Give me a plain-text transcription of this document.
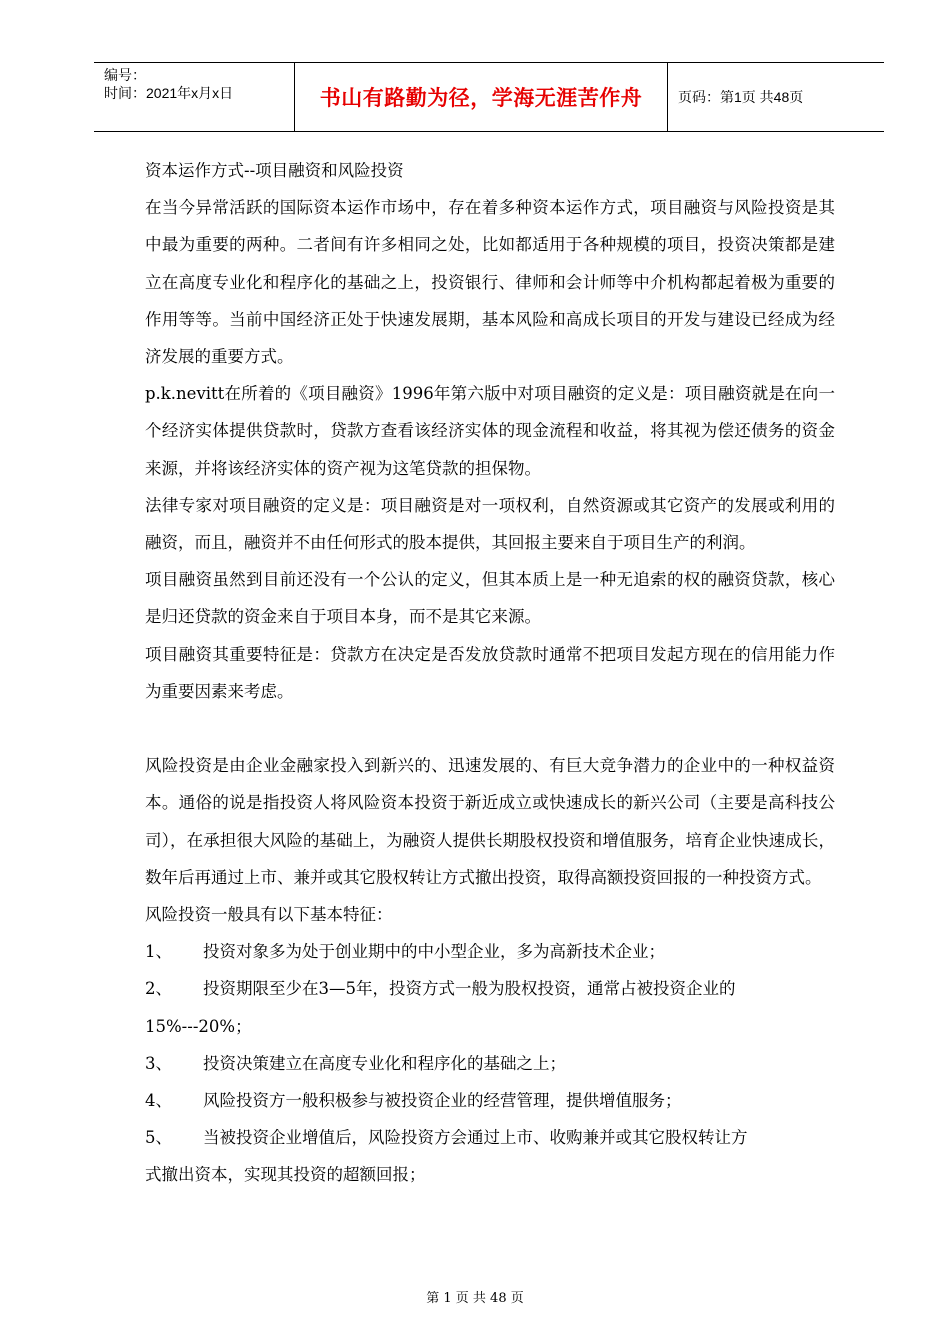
编号：
时间：2021年x月x日	书山有路勤为径，学海无涯苦作舟	页码：第1页 共48页

资本运作方式--项目融资和风险投资

在当今异常活跃的国际资本运作市场中，存在着多种资本运作方式，项目融资与风险投资是其中最为重要的两种。二者间有许多相同之处，比如都适用于各种规模的项目，投资决策都是建立在高度专业化和程序化的基础之上，投资银行、律师和会计师等中介机构都起着极为重要的作用等等。当前中国经济正处于快速发展期，基本风险和高成长项目的开发与建设已经成为经济发展的重要方式。

p.k.nevitt在所着的《项目融资》1996年第六版中对项目融资的定义是：项目融资就是在向一个经济实体提供贷款时，贷款方查看该经济实体的现金流程和收益，将其视为偿还债务的资金来源，并将该经济实体的资产视为这笔贷款的担保物。

法律专家对项目融资的定义是：项目融资是对一项权利，自然资源或其它资产的发展或利用的融资，而且，融资并不由任何形式的股本提供，其回报主要来自于项目生产的利润。

项目融资虽然到目前还没有一个公认的定义，但其本质上是一种无追索的权的融资贷款，核心是归还贷款的资金来自于项目本身，而不是其它来源。

项目融资其重要特征是：贷款方在决定是否发放贷款时通常不把项目发起方现在的信用能力作为重要因素来考虑。

风险投资是由企业金融家投入到新兴的、迅速发展的、有巨大竞争潜力的企业中的一种权益资本。通俗的说是指投资人将风险资本投资于新近成立或快速成长的新兴公司（主要是高科技公司），在承担很大风险的基础上，为融资人提供长期股权投资和增值服务，培育企业快速成长，数年后再通过上市、兼并或其它股权转让方式撤出投资，取得高额投资回报的一种投资方式。

风险投资一般具有以下基本特征：

1、	投资对象多为处于创业期中的中小型企业，多为高新技术企业；
2、	投资期限至少在3—5年，投资方式一般为股权投资，通常占被投资企业的

15%---20%；

3、	投资决策建立在高度专业化和程序化的基础之上；
4、	风险投资方一般积极参与被投资企业的经营管理，提供增值服务；
5、	当被投资企业增值后，风险投资方会通过上市、收购兼并或其它股权转让方

式撤出资本，实现其投资的超额回报；

第 1 页 共 48 页
